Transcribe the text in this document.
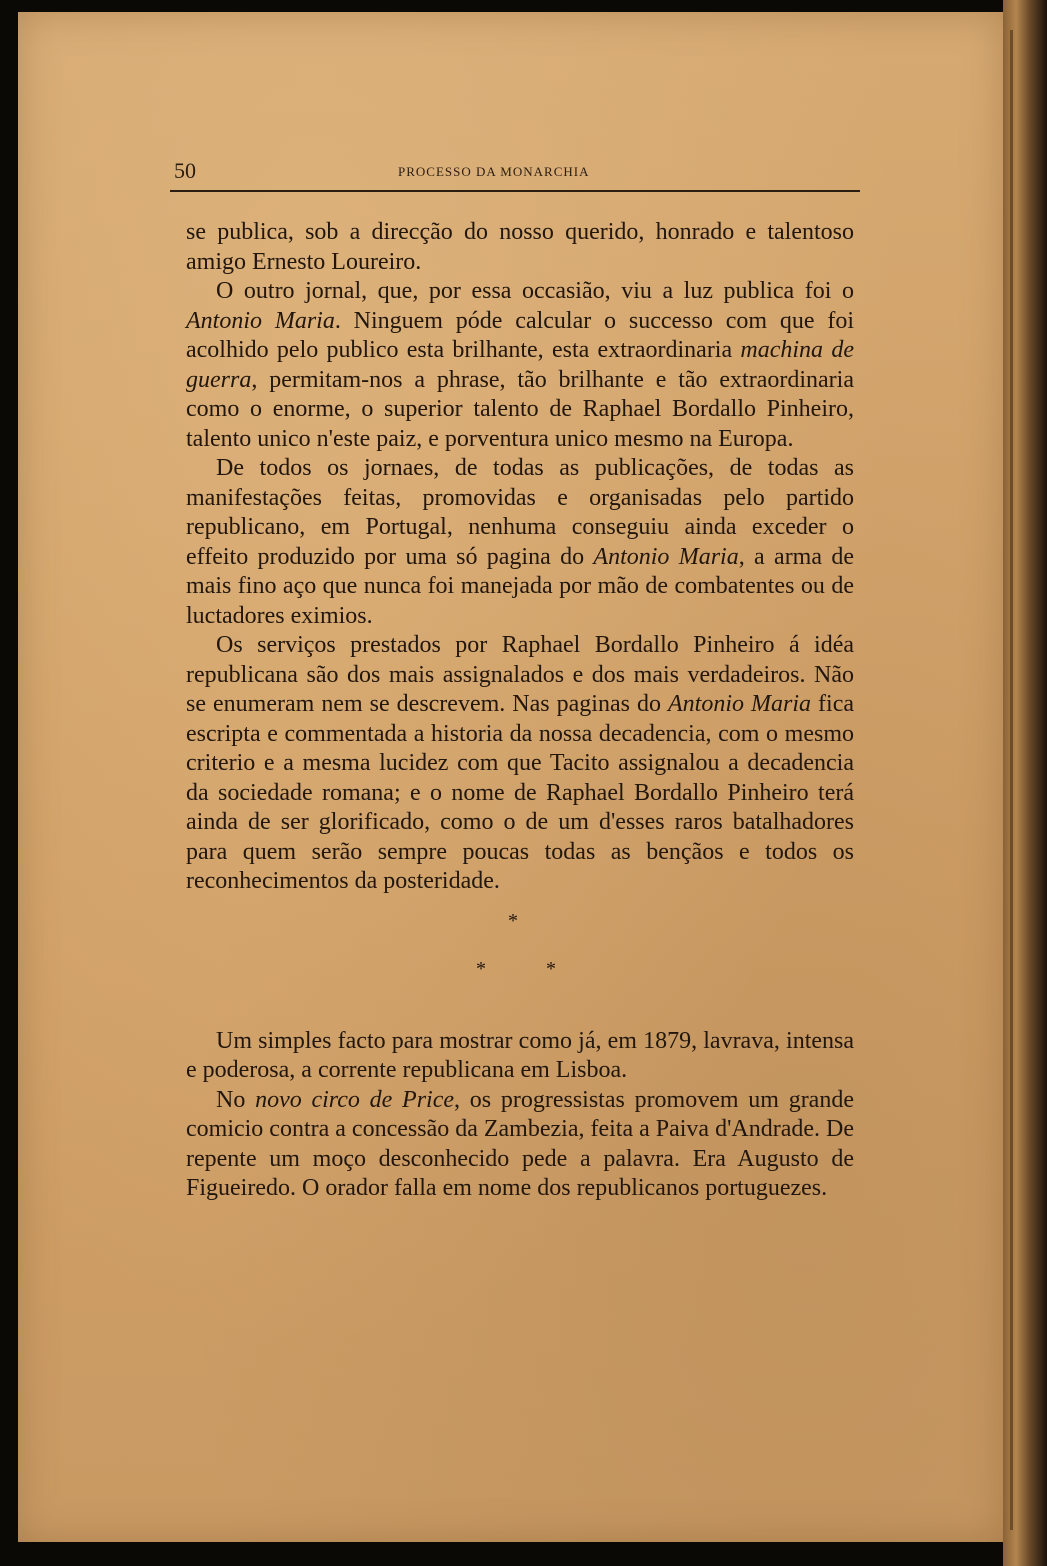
50	PROCESSO DA MONARCHIA

se publica, sob a direcção do nosso querido, honrado e talentoso amigo Ernesto Loureiro.

O outro jornal, que, por essa occasião, viu a luz publica foi o Antonio Maria. Ninguem póde calcular o successo com que foi acolhido pelo publico esta brilhante, esta extraordinaria machina de guerra, permitam-nos a phrase, tão brilhante e tão extraordinaria como o enorme, o superior talento de Raphael Bordallo Pinheiro, talento unico n'este paiz, e porventura unico mesmo na Europa.

De todos os jornaes, de todas as publicações, de todas as manifestações feitas, promovidas e organisadas pelo partido republicano, em Portugal, nenhuma conseguiu ainda exceder o effeito produzido por uma só pagina do Antonio Maria, a arma de mais fino aço que nunca foi manejada por mão de combatentes ou de luctadores eximios.

Os serviços prestados por Raphael Bordallo Pinheiro á idéa republicana são dos mais assignalados e dos mais verdadeiros. Não se enumeram nem se descrevem. Nas paginas do Antonio Maria fica escripta e commentada a historia da nossa decadencia, com o mesmo criterio e a mesma lucidez com que Tacito assignalou a decadencia da sociedade romana; e o nome de Raphael Bordallo Pinheiro terá ainda de ser glorificado, como o de um d'esses raros batalhadores para quem serão sempre poucas todas as bençãos e todos os reconhecimentos da posteridade.

*
*	*

Um simples facto para mostrar como já, em 1879, lavrava, intensa e poderosa, a corrente republicana em Lisboa.

No novo circo de Price, os progressistas promovem um grande comicio contra a concessão da Zambezia, feita a Paiva d'Andrade. De repente um moço desconhecido pede a palavra. Era Augusto de Figueiredo. O orador falla em nome dos republicanos portuguezes.
